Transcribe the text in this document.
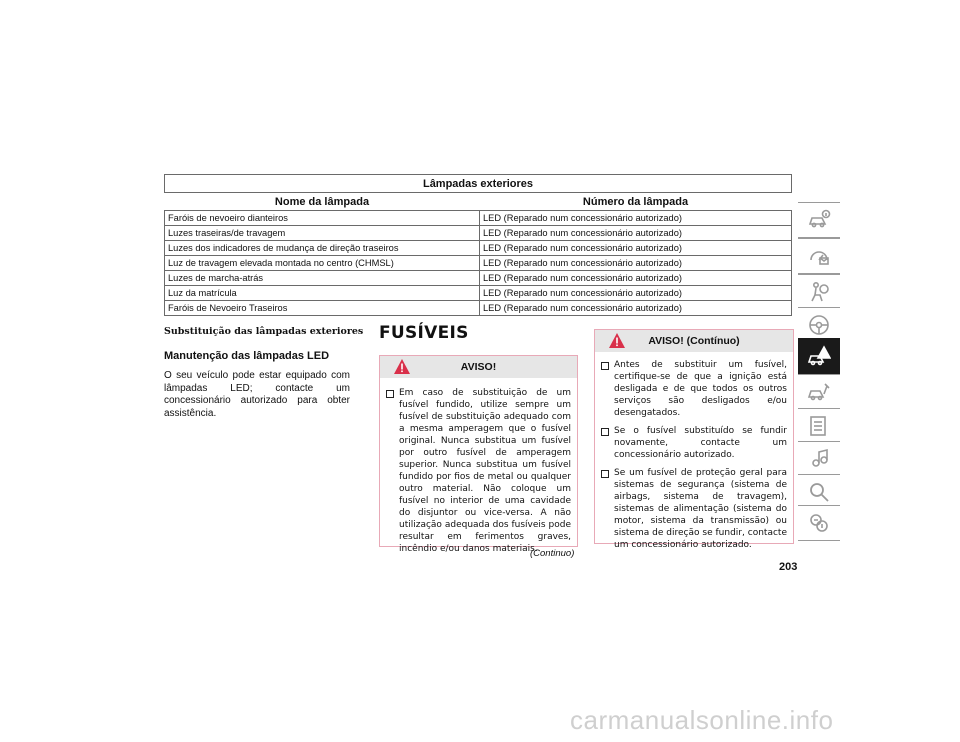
Lâmpadas exteriores	
Nome da lâmpada	Número da lâmpada
Faróis de nevoeiro dianteiros	LED (Reparado num concessionário autorizado)
Luzes traseiras/de travagem	LED (Reparado num concessionário autorizado)
Luzes dos indicadores de mudança de direção traseiros	LED (Reparado num concessionário autorizado)
Luz de travagem elevada montada no centro (CHMSL)	LED (Reparado num concessionário autorizado)
Luzes de marcha-atrás	LED (Reparado num concessionário autorizado)
Luz da matrícula	LED (Reparado num concessionário autorizado)
Faróis de Nevoeiro Traseiros	LED (Reparado num concessionário autorizado)
Substituição das lâmpadas exteriores
Manutenção das lâmpadas LED

O seu veículo pode estar equipado com lâmpadas LED; contacte um concessionário autorizado para obter assistência.

FUSÍVEIS
AVISO!
Em caso de substituição de um fusível fundido, utilize sempre um fusível de substituição adequado com a mesma amperagem que o fusível original. Nunca substitua um fusível por outro fusível de amperagem superior. Nunca substitua um fusível fundido por fios de metal ou qualquer outro material. Não coloque um fusível no interior de uma cavidade do disjuntor ou vice-versa. A não utilização adequada dos fusíveis pode resultar em ferimentos graves, incêndio e/ou danos materiais.
(Continuo)
AVISO! (Contínuo)
Antes de substituir um fusível, certifique-se de que a ignição está desligada e de que todos os outros serviços são desligados e/ou desengatados.
Se o fusível substituído se fundir novamente, contacte um concessionário autorizado.
Se um fusível de proteção geral para sistemas de segurança (sistema de airbags, sistema de travagem), sistemas de alimentação (sistema do motor, sistema da transmissão) ou sistema de direção se fundir, contacte um concessionário autorizado.
203
carmanualsonline.info
